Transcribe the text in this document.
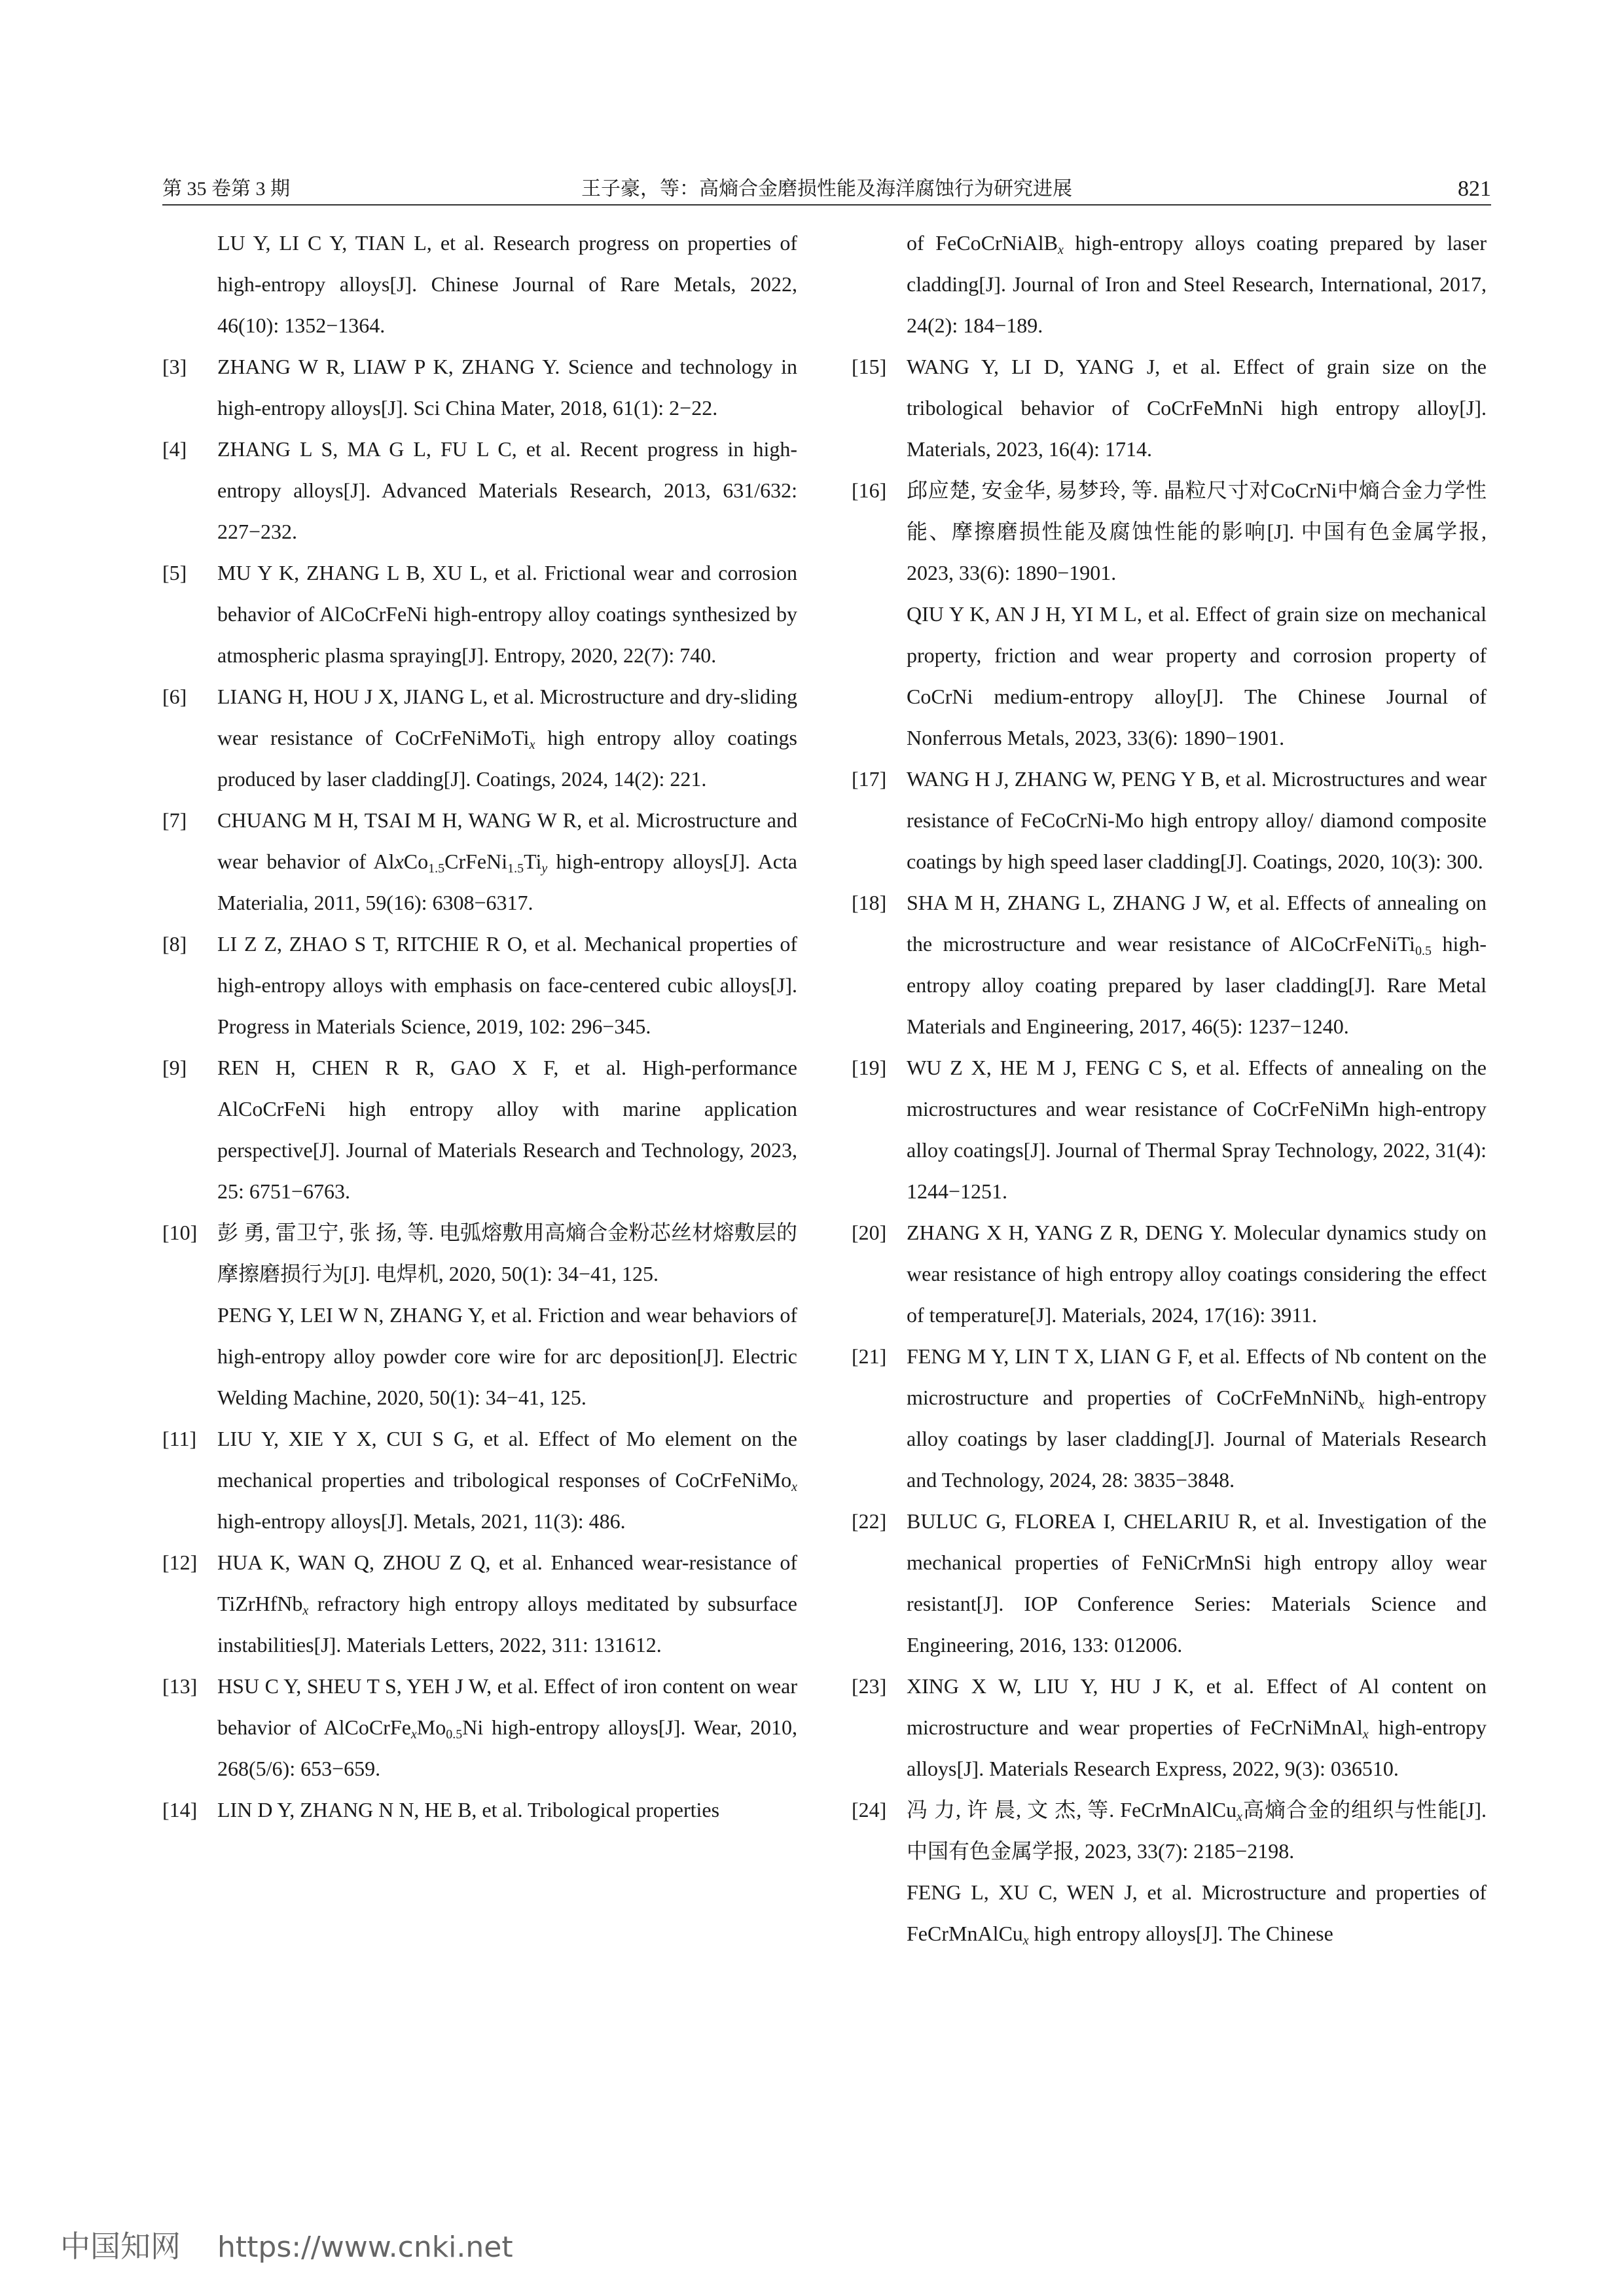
第 35 卷第 3 期	王子豪，等：高熵合金磨损性能及海洋腐蚀行为研究进展	821
LU Y, LI C Y, TIAN L, et al. Research progress on properties of high-entropy alloys[J]. Chinese Journal of Rare Metals, 2022, 46(10): 1352−1364.
[3] ZHANG W R, LIAW P K, ZHANG Y. Science and technology in high-entropy alloys[J]. Sci China Mater, 2018, 61(1): 2−22.
[4] ZHANG L S, MA G L, FU L C, et al. Recent progress in high-entropy alloys[J]. Advanced Materials Research, 2013, 631/632: 227−232.
[5] MU Y K, ZHANG L B, XU L, et al. Frictional wear and corrosion behavior of AlCoCrFeNi high-entropy alloy coatings synthesized by atmospheric plasma spraying[J]. Entropy, 2020, 22(7): 740.
[6] LIANG H, HOU J X, JIANG L, et al. Microstructure and dry-sliding wear resistance of CoCrFeNiMoTi$_x$ high entropy alloy coatings produced by laser cladding[J]. Coatings, 2024, 14(2): 221.
[7] CHUANG M H, TSAI M H, WANG W R, et al. Microstructure and wear behavior of $AlxCo_{1.5}CrFeNi_{1.5}Ti_y$ high-entropy alloys[J]. Acta Materialia, 2011, 59(16): 6308−6317.
[8] LI Z Z, ZHAO S T, RITCHIE R O, et al. Mechanical properties of high-entropy alloys with emphasis on face-centered cubic alloys[J]. Progress in Materials Science, 2019, 102: 296−345.
[9] REN H, CHEN R R, GAO X F, et al. High-performance AlCoCrFeNi high entropy alloy with marine application perspective[J]. Journal of Materials Research and Technology, 2023, 25: 6751−6763.
[10] 彭 勇, 雷卫宁, 张 扬, 等. 电弧熔敷用高熵合金粉芯丝材熔敷层的摩擦磨损行为[J]. 电焊机, 2020, 50(1): 34−41, 125.
PENG Y, LEI W N, ZHANG Y, et al. Friction and wear behaviors of high-entropy alloy powder core wire for arc deposition[J]. Electric Welding Machine, 2020, 50(1): 34−41, 125.
[11] LIU Y, XIE Y X, CUI S G, et al. Effect of Mo element on the mechanical properties and tribological responses of CoCrFeNiMo$_x$ high-entropy alloys[J]. Metals, 2021, 11(3): 486.
[12] HUA K, WAN Q, ZHOU Z Q, et al. Enhanced wear-resistance of TiZrHfNb$_x$ refractory high entropy alloys meditated by subsurface instabilities[J]. Materials Letters, 2022, 311: 131612.
[13] HSU C Y, SHEU T S, YEH J W, et al. Effect of iron content on wear behavior of $AlCoCrFe_xMo_{0.5}Ni$ high-entropy alloys[J]. Wear, 2010, 268(5/6): 653−659.
[14] LIN D Y, ZHANG N N, HE B, et al. Tribological properties
of FeCoCrNiAlB$_x$ high-entropy alloys coating prepared by laser cladding[J]. Journal of Iron and Steel Research, International, 2017, 24(2): 184−189.
[15] WANG Y, LI D, YANG J, et al. Effect of grain size on the tribological behavior of CoCrFeMnNi high entropy alloy[J]. Materials, 2023, 16(4): 1714.
[16] 邱应楚, 安金华, 易梦玲, 等. 晶粒尺寸对CoCrNi中熵合金力学性能、摩擦磨损性能及腐蚀性能的影响[J]. 中国有色金属学报, 2023, 33(6): 1890−1901.
QIU Y K, AN J H, YI M L, et al. Effect of grain size on mechanical property, friction and wear property and corrosion property of CoCrNi medium-entropy alloy[J]. The Chinese Journal of Nonferrous Metals, 2023, 33(6): 1890−1901.
[17] WANG H J, ZHANG W, PENG Y B, et al. Microstructures and wear resistance of FeCoCrNi-Mo high entropy alloy/ diamond composite coatings by high speed laser cladding[J]. Coatings, 2020, 10(3): 300.
[18] SHA M H, ZHANG L, ZHANG J W, et al. Effects of annealing on the microstructure and wear resistance of AlCoCrFeNiTi$_{0.5}$ high-entropy alloy coating prepared by laser cladding[J]. Rare Metal Materials and Engineering, 2017, 46(5): 1237−1240.
[19] WU Z X, HE M J, FENG C S, et al. Effects of annealing on the microstructures and wear resistance of CoCrFeNiMn high-entropy alloy coatings[J]. Journal of Thermal Spray Technology, 2022, 31(4): 1244−1251.
[20] ZHANG X H, YANG Z R, DENG Y. Molecular dynamics study on wear resistance of high entropy alloy coatings considering the effect of temperature[J]. Materials, 2024, 17(16): 3911.
[21] FENG M Y, LIN T X, LIAN G F, et al. Effects of Nb content on the microstructure and properties of CoCrFeMnNiNb$_x$ high-entropy alloy coatings by laser cladding[J]. Journal of Materials Research and Technology, 2024, 28: 3835−3848.
[22] BULUC G, FLOREA I, CHELARIU R, et al. Investigation of the mechanical properties of FeNiCrMnSi high entropy alloy wear resistant[J]. IOP Conference Series: Materials Science and Engineering, 2016, 133: 012006.
[23] XING X W, LIU Y, HU J K, et al. Effect of Al content on microstructure and wear properties of FeCrNiMnAl$_x$ high-entropy alloys[J]. Materials Research Express, 2022, 9(3): 036510.
[24] 冯 力, 许 晨, 文 杰, 等. FeCrMnAlCu$_x$高熵合金的组织与性能[J]. 中国有色金属学报, 2023, 33(7): 2185−2198.
FENG L, XU C, WEN J, et al. Microstructure and properties of FeCrMnAlCu$_x$ high entropy alloys[J]. The Chinese
中国知网 https://www.cnki.net
